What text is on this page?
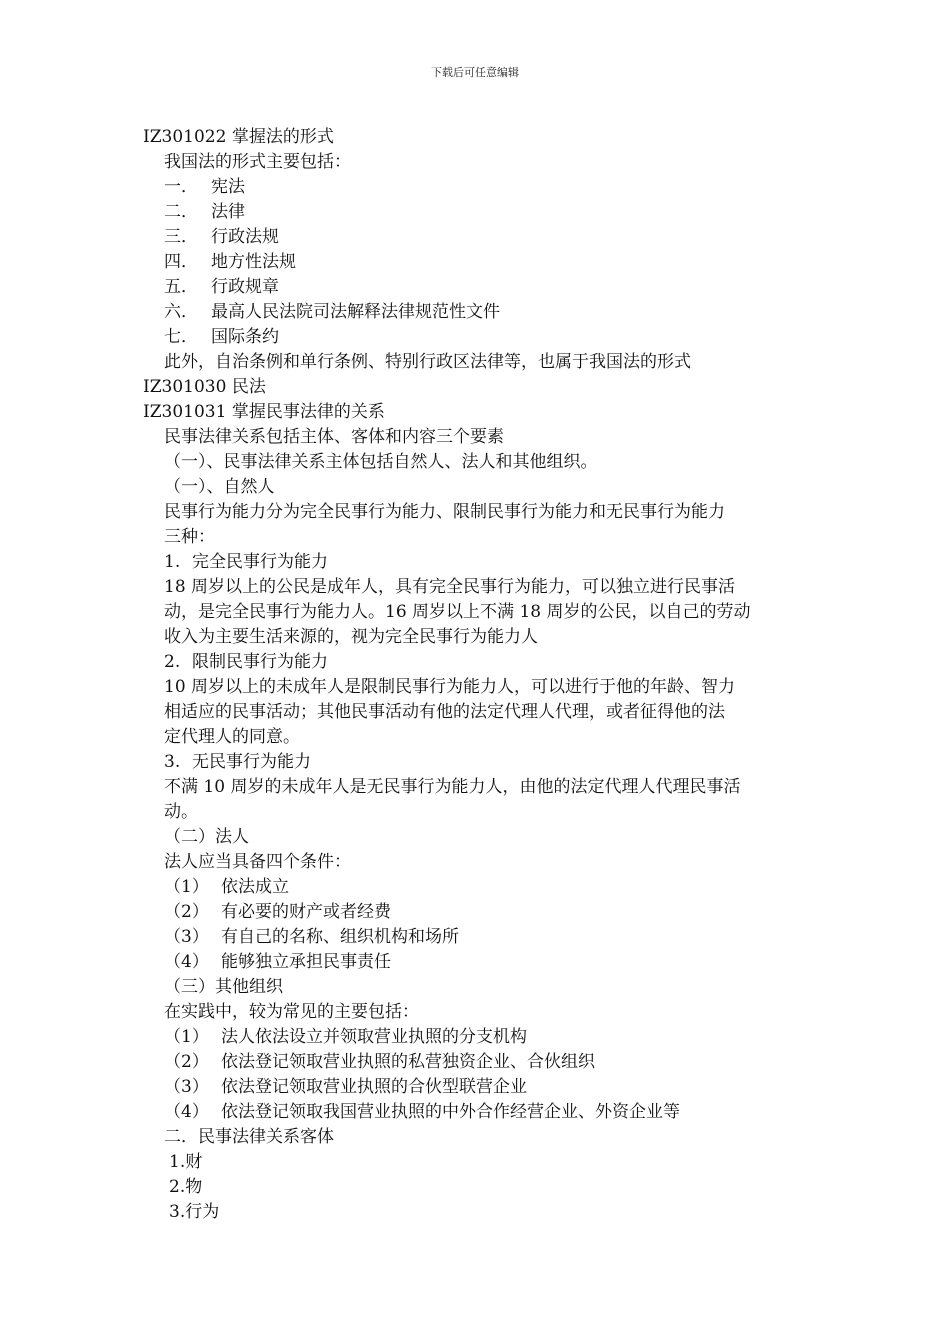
下载后可任意编辑
IZ301022 掌握法的形式
我国法的形式主要包括：
一． 宪法
二． 法律
三． 行政法规
四． 地方性法规
五． 行政规章
六． 最高人民法院司法解释法律规范性文件
七． 国际条约
此外，自治条例和单行条例、特别行政区法律等，也属于我国法的形式
IZ301030 民法
IZ301031 掌握民事法律的关系
民事法律关系包括主体、客体和内容三个要素
（一）、民事法律关系主体包括自然人、法人和其他组织。
（一）、自然人
民事行为能力分为完全民事行为能力、限制民事行为能力和无民事行为能力
三种：
1. 完全民事行为能力
18 周岁以上的公民是成年人，具有完全民事行为能力，可以独立进行民事活
动，是完全民事行为能力人。16 周岁以上不满 18 周岁的公民，以自己的劳动
收入为主要生活来源的，视为完全民事行为能力人
2. 限制民事行为能力
10 周岁以上的未成年人是限制民事行为能力人，可以进行于他的年龄、智力
相适应的民事活动；其他民事活动有他的法定代理人代理，或者征得他的法
定代理人的同意。
3. 无民事行为能力
不满 10 周岁的未成年人是无民事行为能力人，由他的法定代理人代理民事活
动。
（二）法人
法人应当具备四个条件：
（1） 依法成立
（2） 有必要的财产或者经费
（3） 有自己的名称、组织机构和场所
（4） 能够独立承担民事责任
（三）其他组织
在实践中，较为常见的主要包括：
（1） 法人依法设立并领取营业执照的分支机构
（2） 依法登记领取营业执照的私营独资企业、合伙组织
（3） 依法登记领取营业执照的合伙型联营企业
（4） 依法登记领取我国营业执照的中外合作经营企业、外资企业等
二．民事法律关系客体
1.财
2.物
3.行为
